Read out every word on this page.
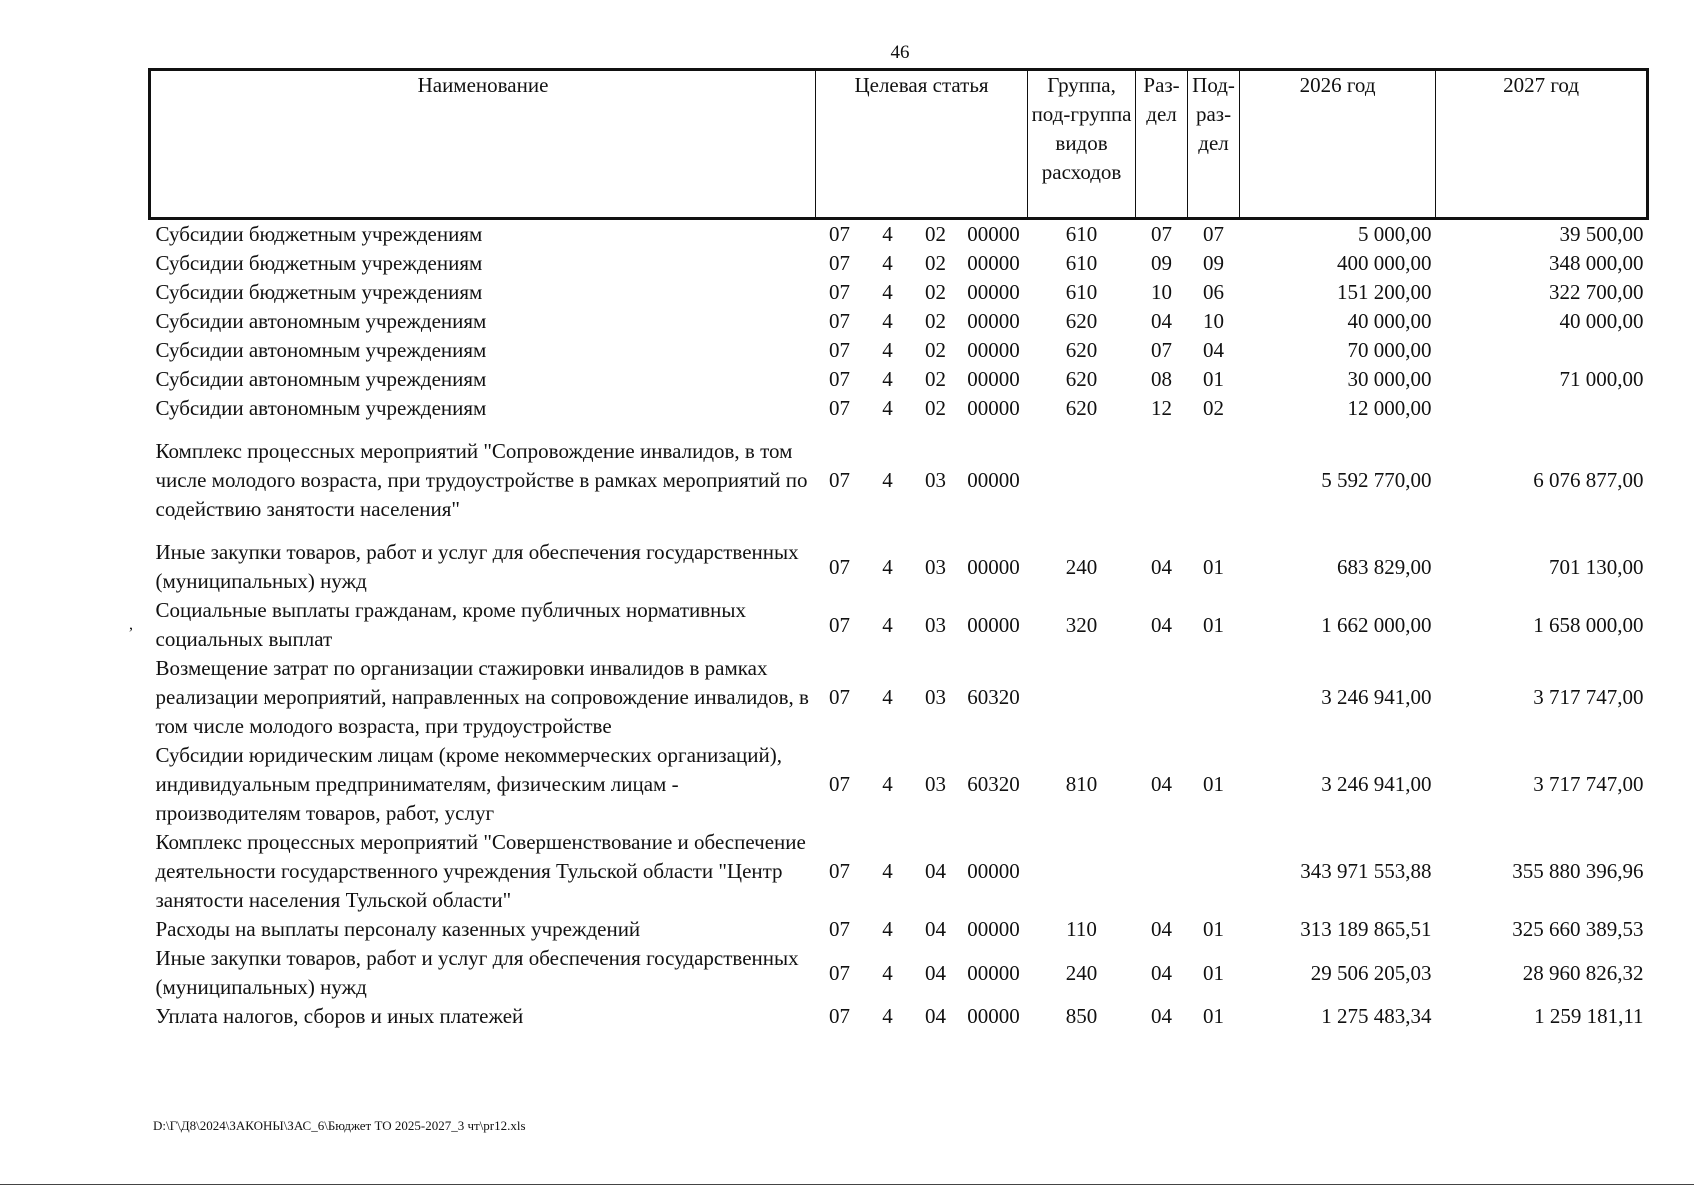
46
Наименование	Целевая статья				Группа, под-группа видов расходов	Раз-дел	Под-раз-дел	2026 год	2027 год

Субсидии бюджетным учреждениям	07	4	02	00000	610	07	07	5 000,00	39 500,00
Субсидии бюджетным учреждениям	07	4	02	00000	610	09	09	400 000,00	348 000,00
Субсидии бюджетным учреждениям	07	4	02	00000	610	10	06	151 200,00	322 700,00
Субсидии автономным учреждениям	07	4	02	00000	620	04	10	40 000,00	40 000,00
Субсидии автономным учреждениям	07	4	02	00000	620	07	04	70 000,00	
Субсидии автономным учреждениям	07	4	02	00000	620	08	01	30 000,00	71 000,00
Субсидии автономным учреждениям	07	4	02	00000	620	12	02	12 000,00	
Комплекс процессных мероприятий "Сопровождение инвалидов, в том числе молодого возраста, при трудоустройстве в рамках мероприятий по содействию занятости населения"	07	4	03	00000				5 592 770,00	6 076 877,00
Иные закупки товаров, работ и услуг для обеспечения государственных (муниципальных) нужд	07	4	03	00000	240	04	01	683 829,00	701 130,00
Социальные выплаты гражданам, кроме публичных нормативных социальных выплат	07	4	03	00000	320	04	01	1 662 000,00	1 658 000,00
Возмещение затрат по организации стажировки инвалидов в рамках реализации мероприятий, направленных на сопровождение инвалидов, в том числе молодого возраста, при трудоустройстве	07	4	03	60320				3 246 941,00	3 717 747,00
Субсидии юридическим лицам (кроме некоммерческих организаций), индивидуальным предпринимателям, физическим лицам - производителям товаров, работ, услуг	07	4	03	60320	810	04	01	3 246 941,00	3 717 747,00
Комплекс процессных мероприятий "Совершенствование и обеспечение деятельности государственного учреждения Тульской области "Центр занятости населения Тульской области"	07	4	04	00000				343 971 553,88	355 880 396,96
Расходы на выплаты персоналу казенных учреждений	07	4	04	00000	110	04	01	313 189 865,51	325 660 389,53
Иные закупки товаров, работ и услуг для обеспечения государственных (муниципальных) нужд	07	4	04	00000	240	04	01	29 506 205,03	28 960 826,32
Уплата налогов, сборов и иных платежей	07	4	04	00000	850	04	01	1 275 483,34	1 259 181,11
,
D:\Г\Д8\2024\ЗАКОНЫ\ЗАС_6\Бюджет ТО 2025-2027_3 чт\pr12.xls
